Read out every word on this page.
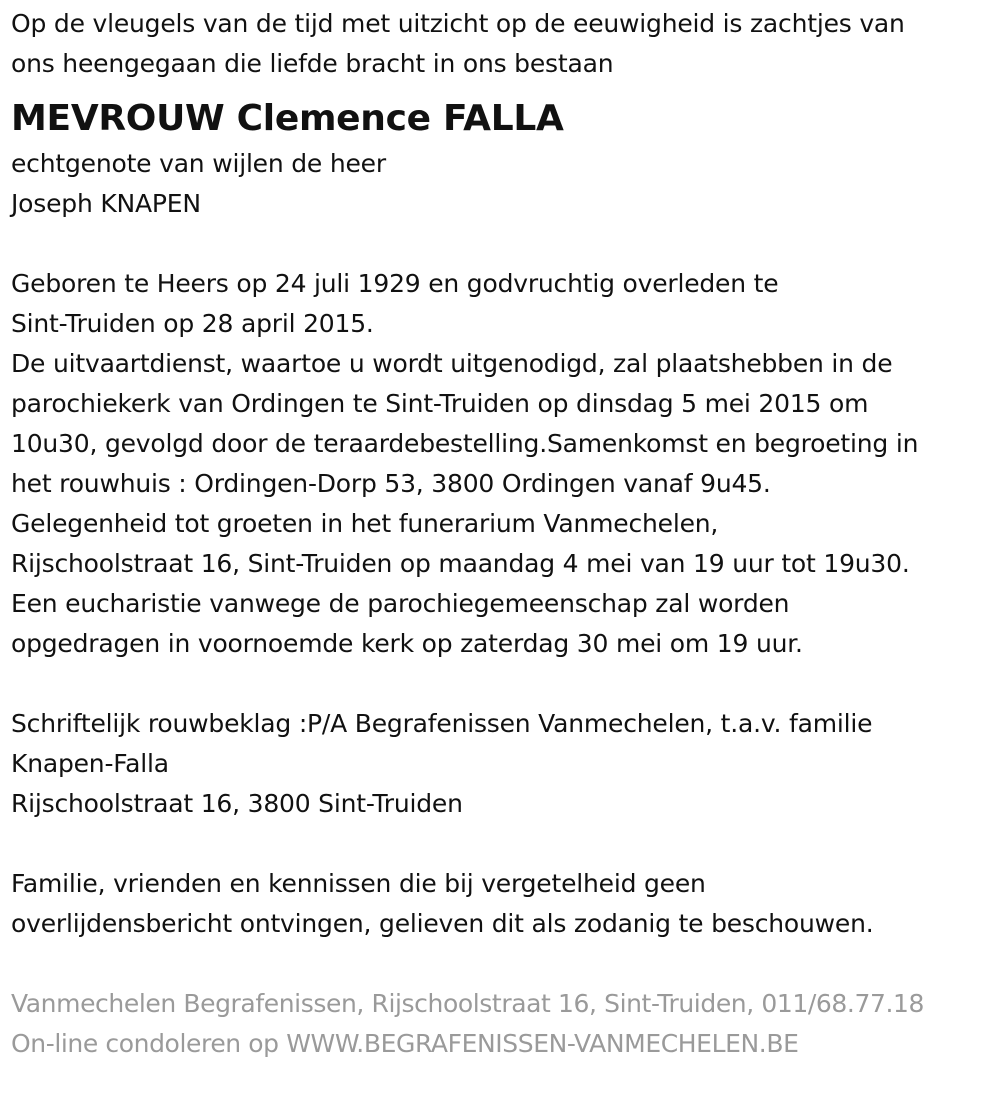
Op de vleugels van de tijd met uitzicht op de eeuwigheid is zachtjes van
ons heengegaan die liefde bracht in ons bestaan
MEVROUW Clemence FALLA
echtgenote van wijlen de heer
Joseph KNAPEN
Geboren te Heers op 24 juli 1929 en godvruchtig overleden te
Sint-Truiden op 28 april 2015.
De uitvaartdienst, waartoe u wordt uitgenodigd, zal plaatshebben in de
parochiekerk van Ordingen te Sint-Truiden op dinsdag 5 mei 2015 om
10u30, gevolgd door de teraardebestelling.Samenkomst en begroeting in
het rouwhuis : Ordingen-Dorp 53, 3800 Ordingen vanaf 9u45.
Gelegenheid tot groeten in het funerarium Vanmechelen,
Rijschoolstraat 16, Sint-Truiden op maandag 4 mei van 19 uur tot 19u30.
Een eucharistie vanwege de parochiegemeenschap zal worden
opgedragen in voornoemde kerk op zaterdag 30 mei om 19 uur.
Schriftelijk rouwbeklag :P/A Begrafenissen Vanmechelen, t.a.v. familie
Knapen-Falla
Rijschoolstraat 16, 3800 Sint-Truiden
Familie, vrienden en kennissen die bij vergetelheid geen
overlijdensbericht ontvingen, gelieven dit als zodanig te beschouwen.
Vanmechelen Begrafenissen, Rijschoolstraat 16, Sint-Truiden, 011/68.77.18
On-line condoleren op WWW.BEGRAFENISSEN-VANMECHELEN.BE
